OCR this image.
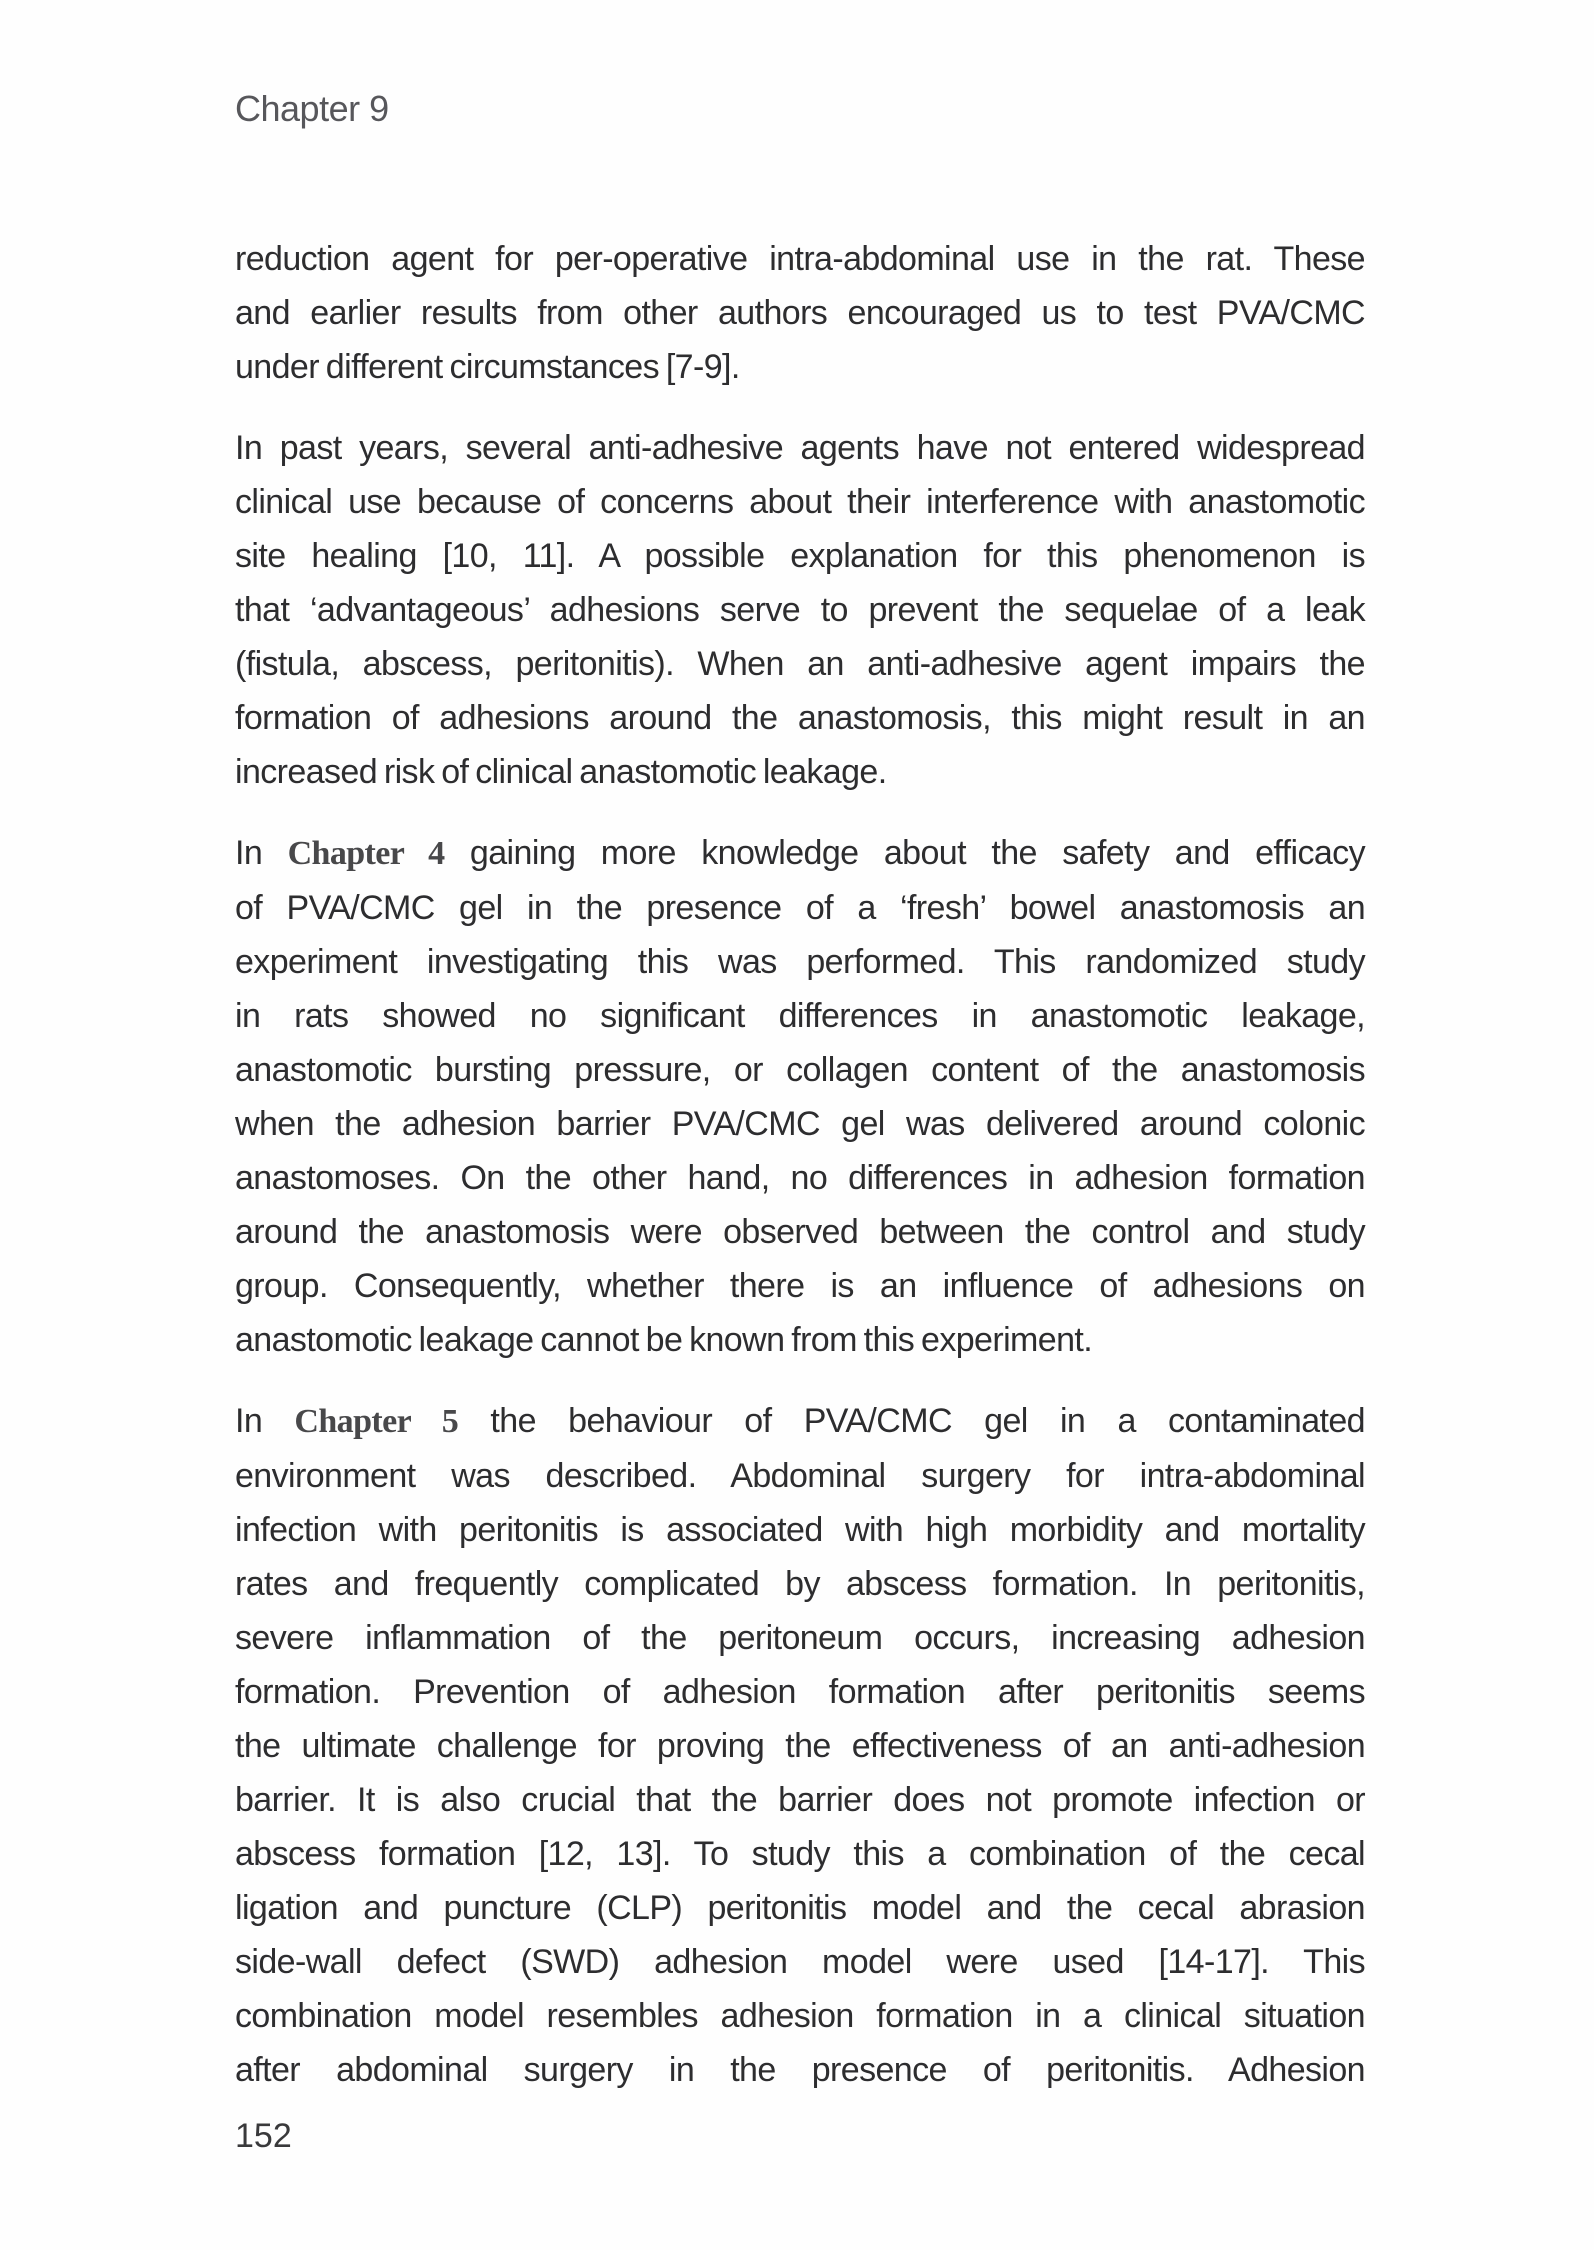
Chapter 9

reduction agent for per-operative intra-abdominal use in the rat. These
and earlier results from other authors encouraged us to test PVA/CMC
under different circumstances [7-9].

In past years, several anti-adhesive agents have not entered widespread
clinical use because of concerns about their interference with anastomotic
site healing [10, 11]. A possible explanation for this phenomenon is
that ‘advantageous’ adhesions serve to prevent the sequelae of a leak
(fistula, abscess, peritonitis). When an anti-adhesive agent impairs the
formation of adhesions around the anastomosis, this might result in an
increased risk of clinical anastomotic leakage.

In Chapter 4 gaining more knowledge about the safety and efficacy
of PVA/CMC gel in the presence of a ‘fresh’ bowel anastomosis an
experiment investigating this was performed. This randomized study
in rats showed no significant differences in anastomotic leakage,
anastomotic bursting pressure, or collagen content of the anastomosis
when the adhesion barrier PVA/CMC gel was delivered around colonic
anastomoses. On the other hand, no differences in adhesion formation
around the anastomosis were observed between the control and study
group. Consequently, whether there is an influence of adhesions on
anastomotic leakage cannot be known from this experiment.

In Chapter 5 the behaviour of PVA/CMC gel in a contaminated
environment was described. Abdominal surgery for intra-abdominal
infection with peritonitis is associated with high morbidity and mortality
rates and frequently complicated by abscess formation. In peritonitis,
severe inflammation of the peritoneum occurs, increasing adhesion
formation. Prevention of adhesion formation after peritonitis seems
the ultimate challenge for proving the effectiveness of an anti-adhesion
barrier. It is also crucial that the barrier does not promote infection or
abscess formation [12, 13]. To study this a combination of the cecal
ligation and puncture (CLP) peritonitis model and the cecal abrasion
side-wall defect (SWD) adhesion model were used [14-17]. This
combination model resembles adhesion formation in a clinical situation
after abdominal surgery in the presence of peritonitis. Adhesion

152
